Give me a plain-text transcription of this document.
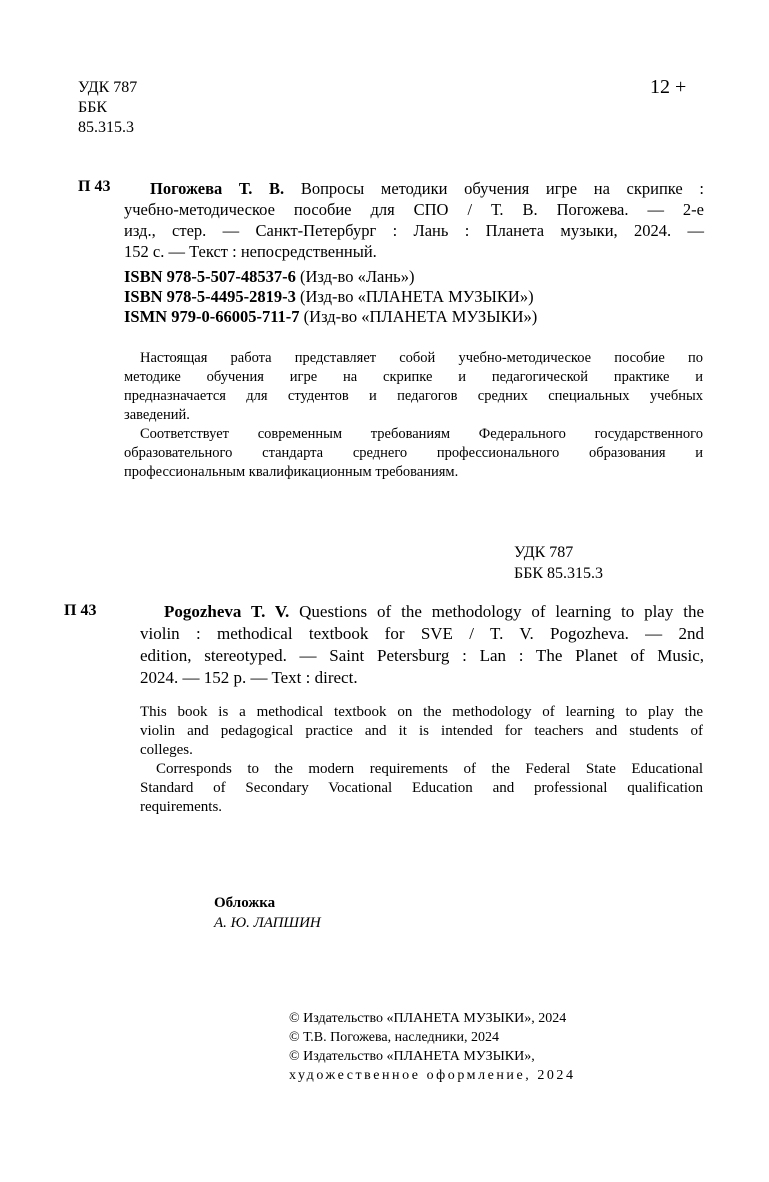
УДК 787
ББК
85.315.3
12 +
П 43	Погожева Т. В. Вопросы методики обучения игре на скрипке :
учебно-методическое пособие для СПО / Т. В. Погожева. — 2-е
изд., стер. — Санкт-Петербург : Лань : Планета музыки, 2024. —
152 с. — Текст : непосредственный.
ISBN 978-5-507-48537-6 (Изд-во «Лань»)
ISBN 978-5-4495-2819-3 (Изд-во «ПЛАНЕТА МУЗЫКИ»)
ISMN 979-0-66005-711-7 (Изд-во «ПЛАНЕТА МУЗЫКИ»)
Настоящая работа представляет собой учебно-методическое пособие по
методике обучения игре на скрипке и педагогической практике и
предназначается для студентов и педагогов средних специальных учебных
заведений.
Соответствует современным требованиям Федерального государственного
образовательного стандарта среднего профессионального образования и
профессиональным квалификационным требованиям.
УДК 787
ББК 85.315.3
П 43	Pogozheva T. V. Questions of the methodology of learning to play the
violin : methodical textbook for SVE / T. V. Pogozheva. — 2nd
edition, stereotyped. — Saint Petersburg : Lan : The Planet of Music,
2024. — 152 p. — Text : direct.
This book is a methodical textbook on the methodology of learning to play the
violin and pedagogical practice and it is intended for teachers and students of
colleges.
Corresponds to the modern requirements of the Federal State Educational
Standard of Secondary Vocational Education and professional qualification
requirements.
Обложка
А. Ю. ЛАПШИН
© Издательство «ПЛАНЕТА МУЗЫКИ», 2024
© Т.В. Погожева, наследники, 2024
© Издательство «ПЛАНЕТА МУЗЫКИ»,
художественное оформление, 2024
